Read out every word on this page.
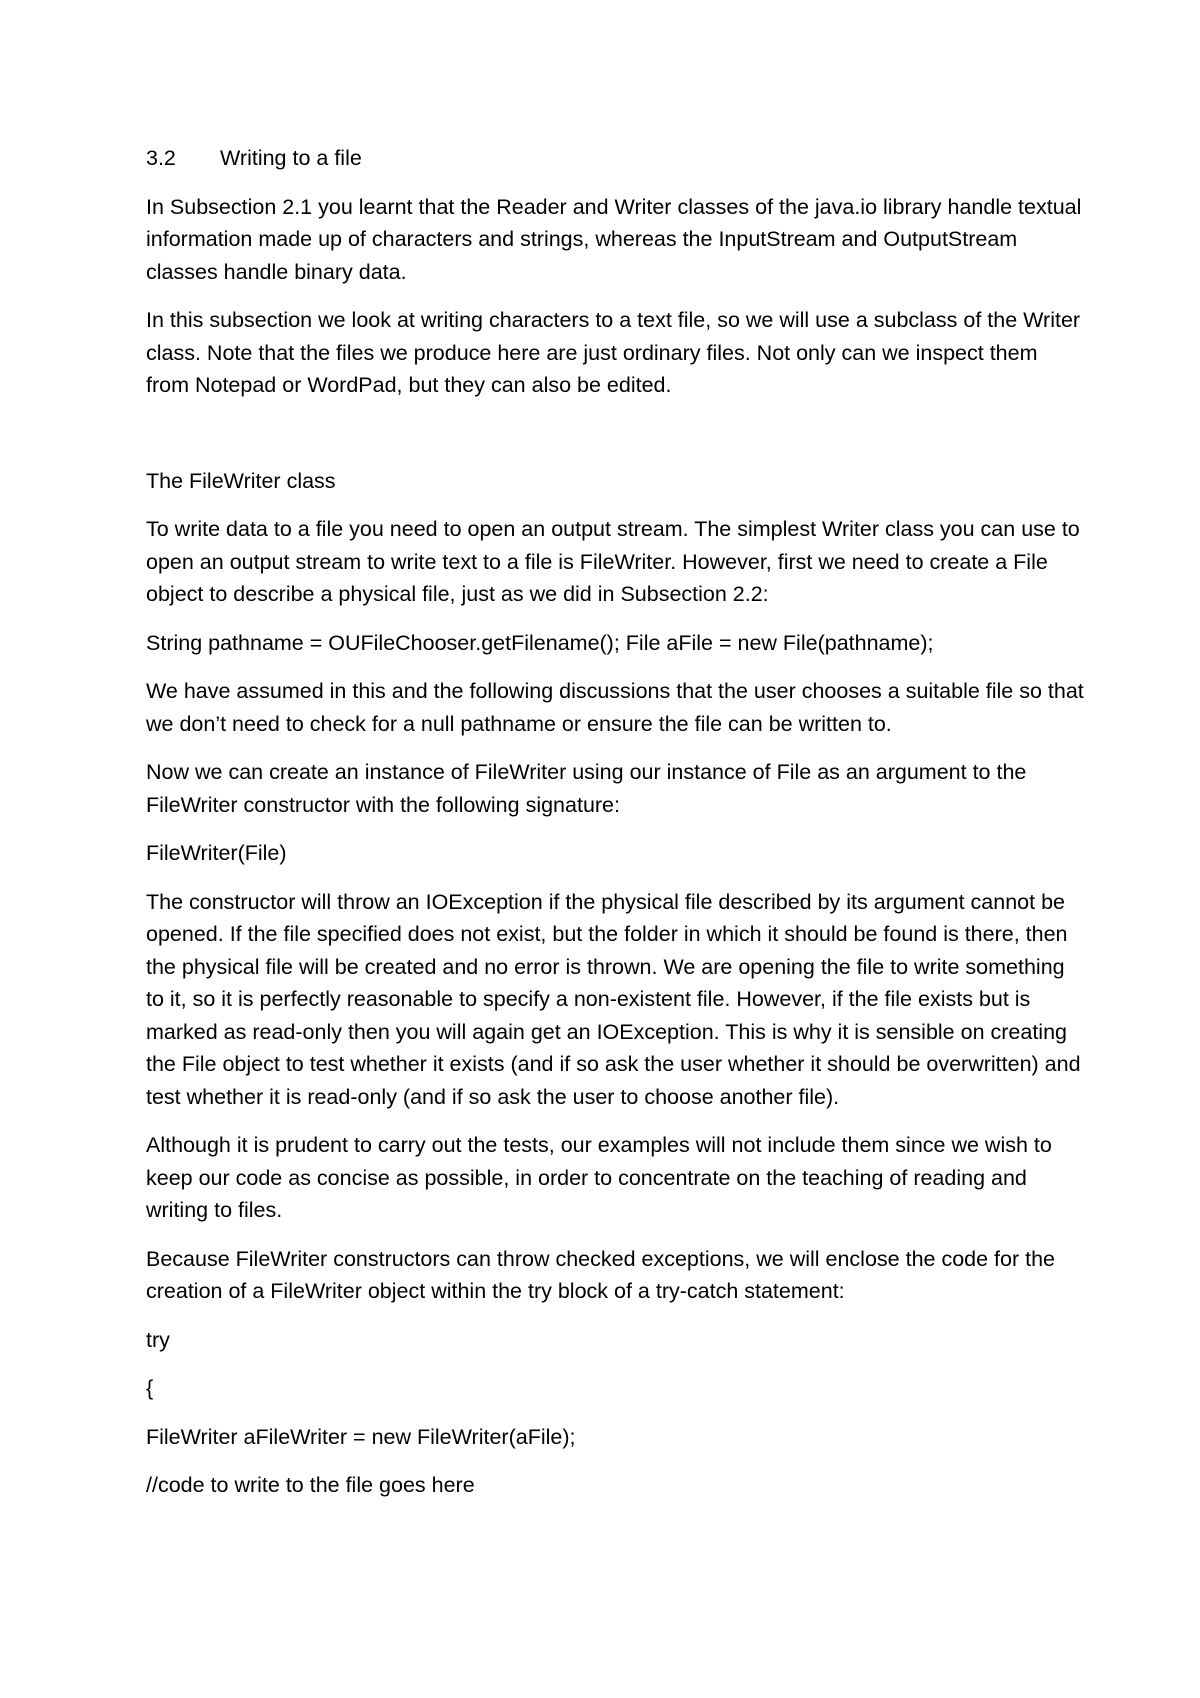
3.2	Writing to a file

In Subsection 2.1 you learnt that the Reader and Writer classes of the java.io library handle textual information made up of characters and strings, whereas the InputStream and OutputStream classes handle binary data.

In this subsection we look at writing characters to a text file, so we will use a subclass of the Writer class. Note that the files we produce here are just ordinary files. Not only can we inspect them from Notepad or WordPad, but they can also be edited.

The FileWriter class

To write data to a file you need to open an output stream. The simplest Writer class you can use to open an output stream to write text to a file is FileWriter. However, first we need to create a File object to describe a physical file, just as we did in Subsection 2.2:

String pathname = OUFileChooser.getFilename(); File aFile = new File(pathname);

We have assumed in this and the following discussions that the user chooses a suitable file so that we don’t need to check for a null pathname or ensure the file can be written to.

Now we can create an instance of FileWriter using our instance of File as an argument to the FileWriter constructor with the following signature:

FileWriter(File)

The constructor will throw an IOException if the physical file described by its argument cannot be opened. If the file specified does not exist, but the folder in which it should be found is there, then the physical file will be created and no error is thrown. We are opening the file to write something to it, so it is perfectly reasonable to specify a non-existent file. However, if the file exists but is marked as read-only then you will again get an IOException. This is why it is sensible on creating the File object to test whether it exists (and if so ask the user whether it should be overwritten) and test whether it is read-only (and if so ask the user to choose another file).

Although it is prudent to carry out the tests, our examples will not include them since we wish to keep our code as concise as possible, in order to concentrate on the teaching of reading and writing to files.

Because FileWriter constructors can throw checked exceptions, we will enclose the code for the creation of a FileWriter object within the try block of a try-catch statement:

try

{

FileWriter aFileWriter = new FileWriter(aFile);

//code to write to the file goes here
